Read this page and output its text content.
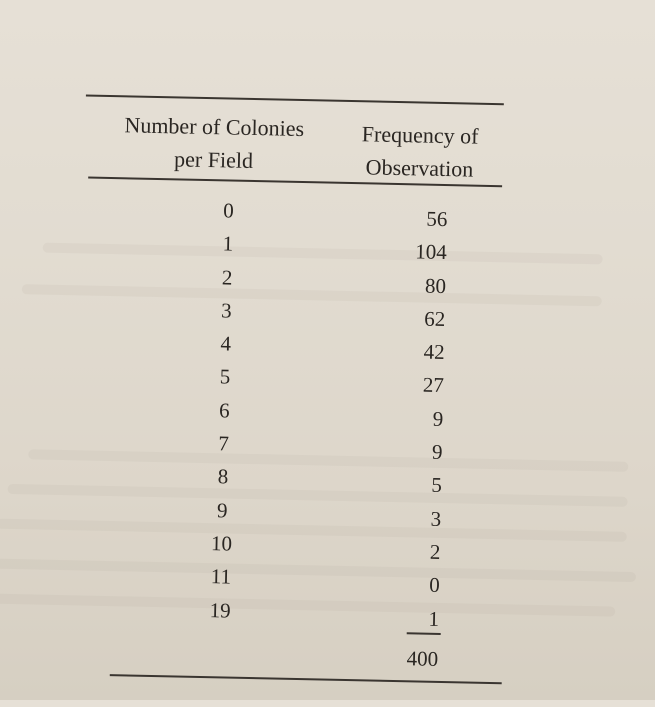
Number of Colonies
per Field
Frequency of
Observation
0
1
2
3
4
5
6
7
8
9
10
11
19
56
104
80
62
42
27
9
9
5
3
2
0
1
400
